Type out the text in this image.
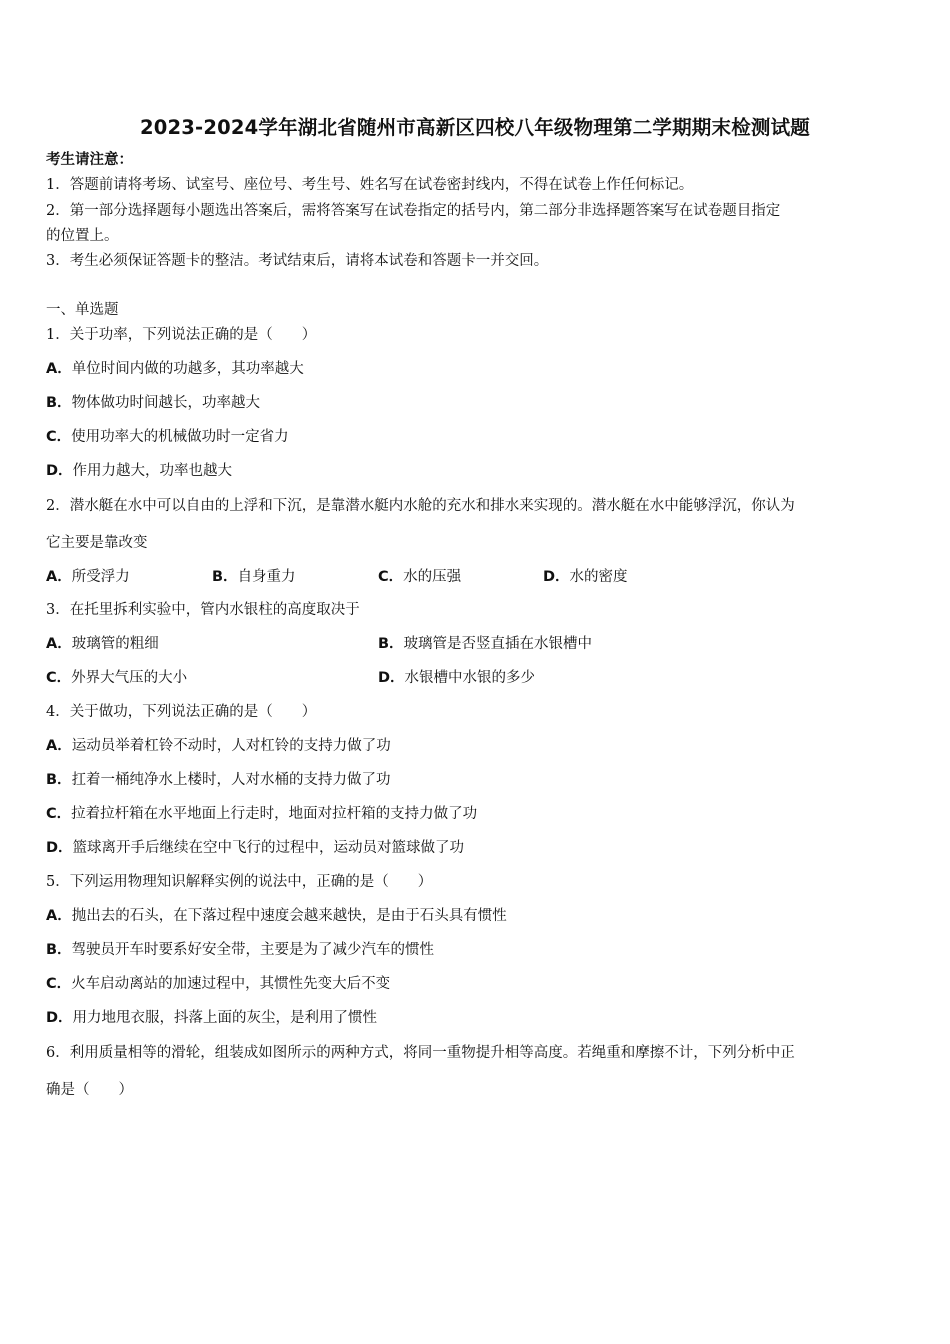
2023-2024学年湖北省随州市高新区四校八年级物理第二学期期末检测试题
考生请注意：
1．答题前请将考场、试室号、座位号、考生号、姓名写在试卷密封线内，不得在试卷上作任何标记。
2．第一部分选择题每小题选出答案后，需将答案写在试卷指定的括号内，第二部分非选择题答案写在试卷题目指定
的位置上。
3．考生必须保证答题卡的整洁。考试结束后，请将本试卷和答题卡一并交回。
一、单选题
1．关于功率，下列说法正确的是（　　）
A．单位时间内做的功越多，其功率越大
B．物体做功时间越长，功率越大
C．使用功率大的机械做功时一定省力
D．作用力越大，功率也越大
2．潜水艇在水中可以自由的上浮和下沉，是靠潜水艇内水舱的充水和排水来实现的。潜水艇在水中能够浮沉，你认为
它主要是靠改变
A．所受浮力	B．自身重力	C．水的压强	D．水的密度
3．在托里拆利实验中，管内水银柱的高度取决于
A．玻璃管的粗细	B．玻璃管是否竖直插在水银槽中
C．外界大气压的大小	D．水银槽中水银的多少
4．关于做功，下列说法正确的是（　　）
A．运动员举着杠铃不动时，人对杠铃的支持力做了功
B．扛着一桶纯净水上楼时，人对水桶的支持力做了功
C．拉着拉杆箱在水平地面上行走时，地面对拉杆箱的支持力做了功
D．篮球离开手后继续在空中飞行的过程中，运动员对篮球做了功
5．下列运用物理知识解释实例的说法中，正确的是（　　）
A．抛出去的石头，在下落过程中速度会越来越快，是由于石头具有惯性
B．驾驶员开车时要系好安全带，主要是为了减少汽车的惯性
C．火车启动离站的加速过程中，其惯性先变大后不变
D．用力地甩衣服，抖落上面的灰尘，是利用了惯性
6．利用质量相等的滑轮，组装成如图所示的两种方式，将同一重物提升相等高度。若绳重和摩擦不计，下列分析中正
确是（　　）
